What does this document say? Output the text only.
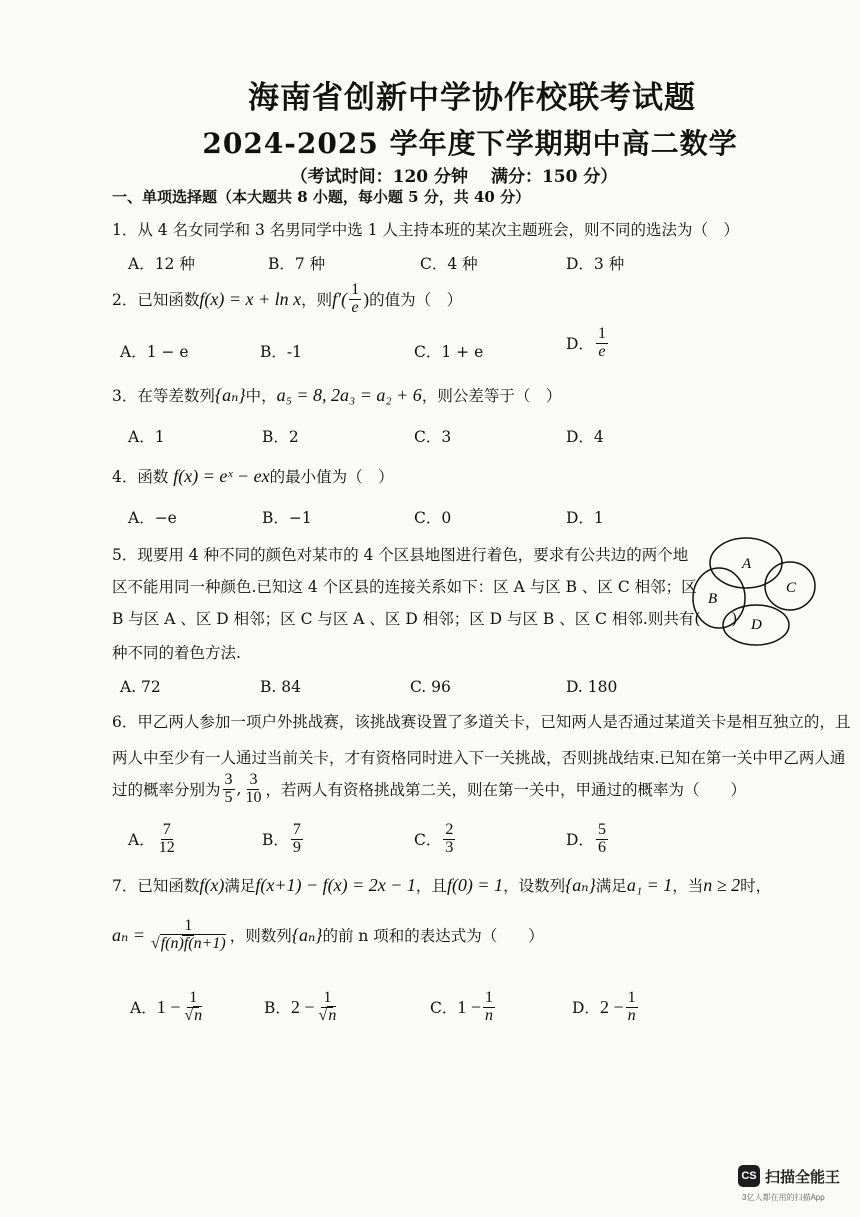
海南省创新中学协作校联考试题
2024-2025 学年度下学期期中高二数学
（考试时间：120 分钟　 满分：150 分）
一、单项选择题（本大题共 8 小题，每小题 5 分，共 40 分）
1．从 4 名女同学和 3 名男同学中选 1 人主持本班的某次主题班会，则不同的选法为（　）
A．12 种	B．7 种	C．4 种	D．3 种
2．已知函数 f(x) = x + ln x ，则 $f'( \frac{1}{e}$ ) 的值为（　）
A．1 − e	B．-1	C．1 + e	D． $\frac{1}{e}$
3．在等差数列{aₙ}中，a₅ = 8, 2a₃ = a₂ + 6，则公差等于（　）
A．1	B．2	C．3	D．4
4．函数 f(x) = eˣ − ex的最小值为（　）
A．−e	B．−1	C．0	D．1
5．现要用 4 种不同的颜色对某市的 4 个区县地图进行着色，要求有公共边的两个地
区不能用同一种颜色.已知这 4 个区县的连接关系如下：区 A 与区 B 、区 C 相邻；区
B 与区 A 、区 D 相邻；区 C 与区 A 、区 D 相邻；区 D 与区 B 、区 C 相邻.则共有(　　)
种不同的着色方法.
A
B
C
D
A. 72	B. 84	C. 96	D. 180
6．甲乙两人参加一项户外挑战赛，该挑战赛设置了多道关卡，已知两人是否通过某道关卡是相互独立的，且
两人中至少有一人通过当前关卡，才有资格同时进入下一关挑战，否则挑战结束.已知在第一关中甲乙两人通
过的概率分别为 $\frac{3}{5}$ , $\frac{3}{10}$ ，若两人有资格挑战第二关，则在第一关中，甲通过的概率为（　　）
A． $\frac{7}{12}$	B． $\frac{7}{9}$	C． $\frac{2}{3}$	D． $\frac{5}{6}$
7．已知函数f(x)满足f(x+1) − f(x) = 2x − 1，且f(0) = 1，设数列{aₙ}满足a₁ = 1，当n ≥ 2时，
$a_n = \frac{1}{√f(n)f(n+1)}$ ，则数列 {aₙ} 的前 n 项和的表达式为（　　）
A． $1 - \frac{1}{√n}$	B． $2 - \frac{1}{√n}$	C． $1 - \frac{1}{n}$	D． $2 - \frac{1}{n}$
CS 扫描全能王
3亿人都在用的扫描App
